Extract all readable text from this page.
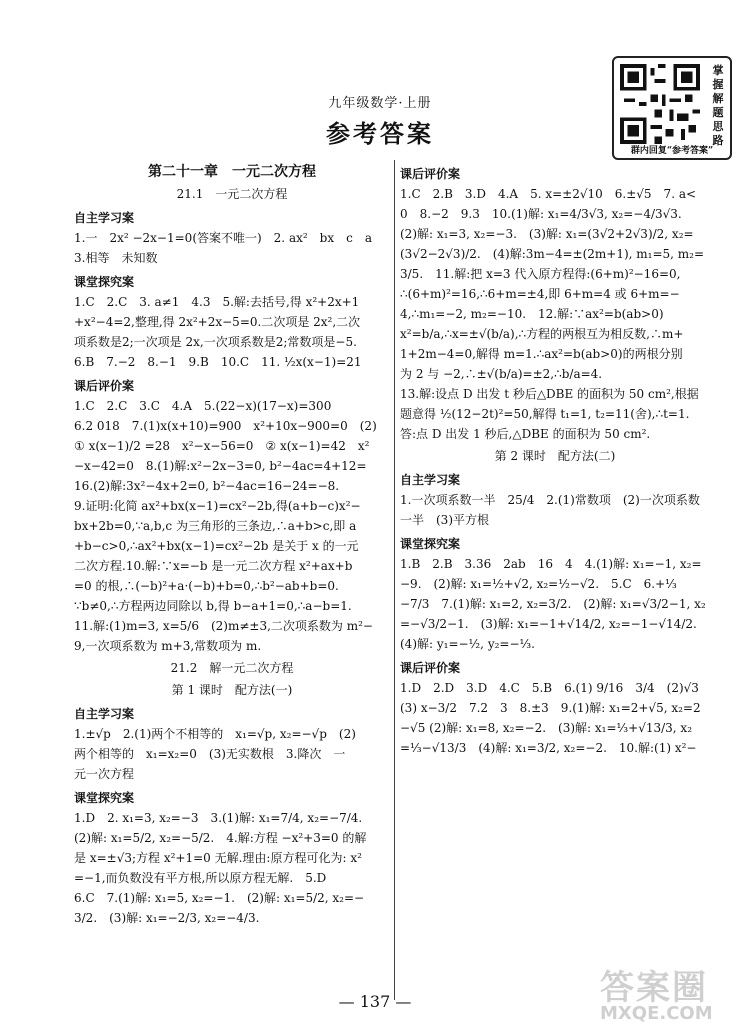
九年级数学·上册
参考答案
掌
握
解
题
思
路
群内回复“参考答案”
第二十一章　一元二次方程
21.1　一元二次方程
自主学习案
1.一　2x² −2x−1=0(答案不唯一)　2. ax²　bx　c　a
3.相等　未知数
课堂探究案
1.C　2.C　3. a≠1　4.3　5.解:去括号,得 x²+2x+1
+x²−4=2,整理,得 2x²+2x−5=0.二次项是 2x²,二次
项系数是2;一次项是 2x,一次项系数是2;常数项是−5.
6.B　7.−2　8.−1　9.B　10.C　11. ½x(x−1)=21
课后评价案
1.C　2.C　3.C　4.A　5.(22−x)(17−x)=300
6.2 018　7.(1)x(x+10)=900　x²+10x−900=0　(2)
① x(x−1)/2 =28　x²−x−56=0　② x(x−1)=42　x²
−x−42=0　8.(1)解:x²−2x−3=0, b²−4ac=4+12=
16.(2)解:3x²−4x+2=0, b²−4ac=16−24=−8.
9.证明:化简 ax²+bx(x−1)=cx²−2b,得(a+b−c)x²−
bx+2b=0,∵a,b,c 为三角形的三条边,∴a+b>c,即 a
+b−c>0,∴ax²+bx(x−1)=cx²−2b 是关于 x 的一元
二次方程.10.解:∵x=−b 是一元二次方程 x²+ax+b
=0 的根,∴(−b)²+a·(−b)+b=0,∴b²−ab+b=0.
∵b≠0,∴方程两边同除以 b,得 b−a+1=0,∴a−b=1.
11.解:(1)m=3, x=5/6　(2)m≠±3,二次项系数为 m²−
9,一次项系数为 m+3,常数项为 m.
21.2　解一元二次方程
第 1 课时　配方法(一)
自主学习案
1.±√p　2.(1)两个不相等的　x₁=√p, x₂=−√p　(2)
两个相等的　x₁=x₂=0　(3)无实数根　3.降次　一
元一次方程
课堂探究案
1.D　2. x₁=3, x₂=−3　3.(1)解: x₁=7/4, x₂=−7/4.
(2)解: x₁=5/2, x₂=−5/2.　4.解:方程 −x²+3=0 的解
是 x=±√3;方程 x²+1=0 无解.理由:原方程可化为: x²
=−1,而负数没有平方根,所以原方程无解.　5.D
6.C　7.(1)解: x₁=5, x₂=−1.　(2)解: x₁=5/2, x₂=−
3/2.　(3)解: x₁=−2/3, x₂=−4/3.
课后评价案
1.C　2.B　3.D　4.A　5. x=±2√10　6.±√5　7. a<
0　8.−2　9.3　10.(1)解: x₁=4/3√3, x₂=−4/3√3.
(2)解: x₁=3, x₂=−3.　(3)解: x₁=(3√2+2√3)/2, x₂=
(3√2−2√3)/2.　(4)解:3m−4=±(2m+1), m₁=5, m₂=
3/5.　11.解:把 x=3 代入原方程得:(6+m)²−16=0,
∴(6+m)²=16,∴6+m=±4,即 6+m=4 或 6+m=−
4,∴m₁=−2, m₂=−10.　12.解:∵ax²=b(ab>0)
x²=b/a,∴x=±√(b/a),∴方程的两根互为相反数,∴m+
1+2m−4=0,解得 m=1.∴ax²=b(ab>0)的两根分别
为 2 与 −2,∴±√(b/a)=±2,∴b/a=4.
13.解:设点 D 出发 t 秒后△DBE 的面积为 50 cm²,根据
题意得 ½(12−2t)²=50,解得 t₁=1, t₂=11(舍),∴t=1.
答:点 D 出发 1 秒后,△DBE 的面积为 50 cm².
第 2 课时　配方法(二)
自主学习案
1.一次项系数一半　25/4　2.(1)常数项　(2)一次项系数
一半　(3)平方根
课堂探究案
1.B　2.B　3.36　2ab　16　4　4.(1)解: x₁=−1, x₂=
−9.　(2)解: x₁=½+√2, x₂=½−√2.　5.C　6.+⅓
−7/3　7.(1)解: x₁=2, x₂=3/2.　(2)解: x₁=√3/2−1, x₂
=−√3/2−1.　(3)解: x₁=−1+√14/2, x₂=−1−√14/2.
(4)解: y₁=−½, y₂=−⅓.
课后评价案
1.D　2.D　3.D　4.C　5.B　6.(1) 9/16　3/4　(2)√3
(3) x−3/2　7.2　3　8.±3　9.(1)解: x₁=2+√5, x₂=2
−√5 (2)解: x₁=8, x₂=−2.　(3)解: x₁=⅓+√13/3, x₂
=⅓−√13/3　(4)解: x₁=3/2, x₂=−2.　10.解:(1) x²−
— 137 —	答案圈
MXQE.COM
